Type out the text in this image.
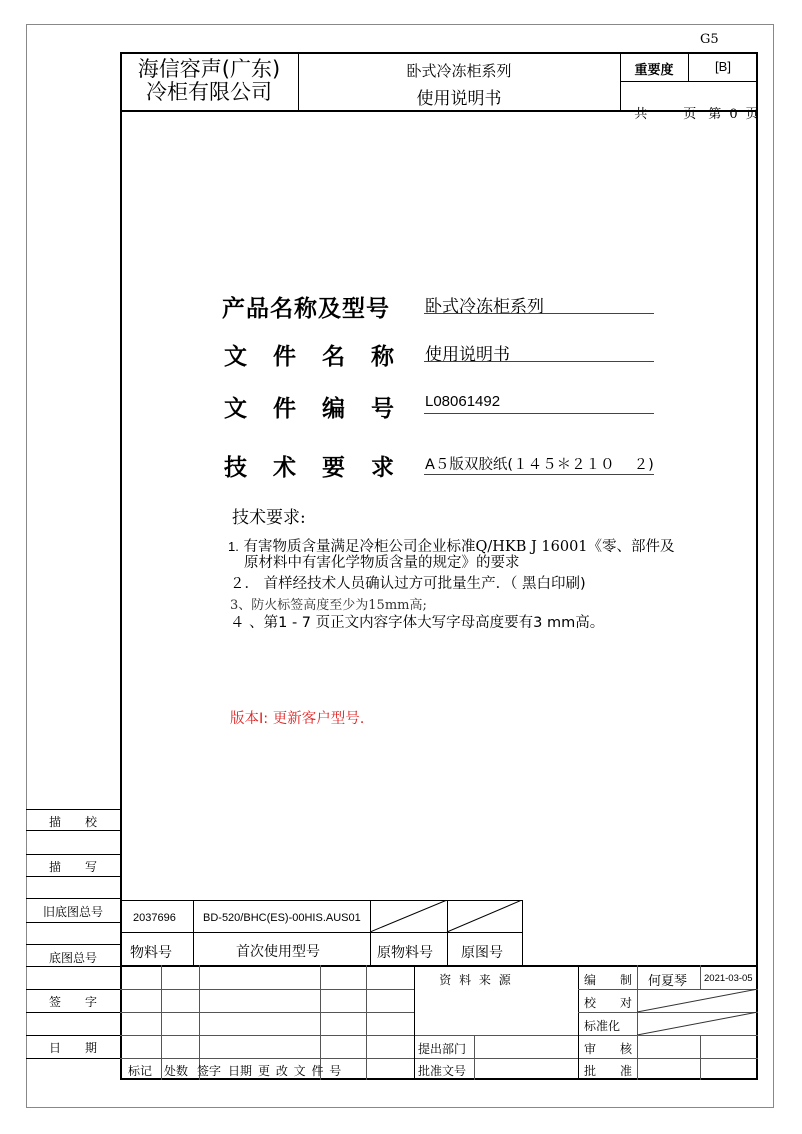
G5
海信容声(广东)
冷柜有限公司
卧式冷冻柜系列
使用说明书
重要度	[B]

共	页 第 0 页

产品名称及型号 卧式冷冻柜系列
文 件 名 称 使用说明书
文 件 编 号 L08061492
技 术 要 求 A５版双胶纸(１４５＊２１０　 ２)
技术要求:
1. 有害物质含量满足冷柜公司企业标准Q/HKB J 16001《零、部件及
原材料中有害化学物质含量的规定》的要求
２． 首样经技术人员确认过方可批量生产．（ 黑白印刷)
3、防火标签高度至少为15mm高;
４ 、第1 - 7 页正文内容字体大写字母高度要有3 mm高。
版本I: 更新客户型号.
描　　校
描　　写
旧底图总号
底图总号
签　　字
日　　期
2037696 BD-520/BHC(ES)-00HIS.AUS01
物料号	首次使用型号	原物料号 原图号
资 料 来 源
提出部门
批准文号
标记 处数 签字 日期 更 改 文 件 号
编　　制 何夏琴 2021-03-05
校　　对
标准化
审　　核
批　　准
